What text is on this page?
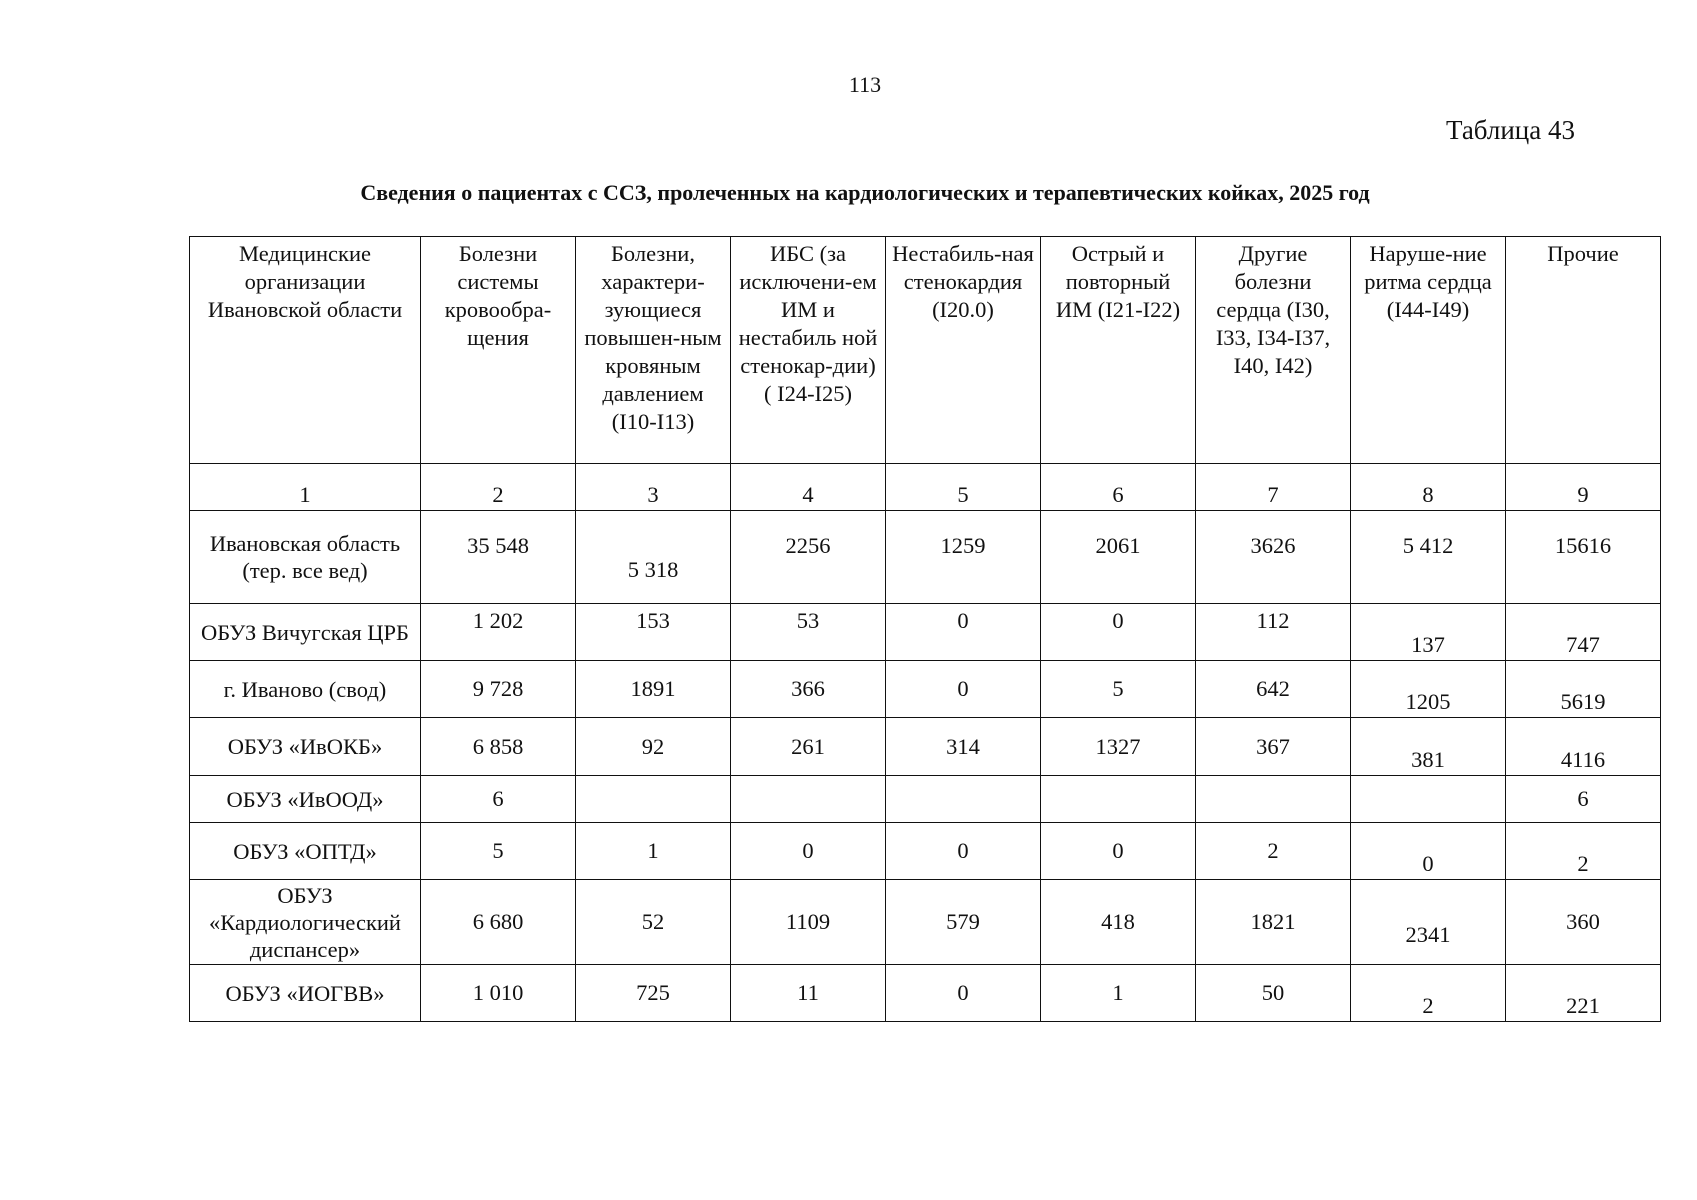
113
Таблица 43
Сведения о пациентах с ССЗ, пролеченных на кардиологических и терапевтических койках, 2025 год
Медицинские организации Ивановской области	Болезни системы кровообра-щения	Болезни, характери-зующиеся повышен-ным кровяным давлением (I10-I13)	ИБС (за исключени-ем ИМ и нестабиль ной стенокар-дии) ( I24-I25)	Нестабиль-ная стенокардия (I20.0)	Острый и повторный ИМ (I21-I22)	Другие болезни сердца (I30, I33, I34-I37, I40, I42)	Наруше-ние ритма сердца (I44-I49)	Прочие
1	2	3	4	5	6	7	8	9
Ивановская область (тер. все вед)	35 548	5 318	2256	1259	2061	3626	5 412	15616
ОБУЗ Вичугская ЦРБ	1 202	153	53	0	0	112	137	747
г. Иваново (свод)	9 728	1891	366	0	5	642	1205	5619
ОБУЗ «ИвОКБ»	6 858	92	261	314	1327	367	381	4116
ОБУЗ «ИвООД»	6							6
ОБУЗ «ОПТД»	5	1	0	0	0	2	0	2
ОБУЗ «Кардиологический диспансер»	6 680	52	1109	579	418	1821	2341	360
ОБУЗ «ИОГВВ»	1 010	725	11	0	1	50	2	221
